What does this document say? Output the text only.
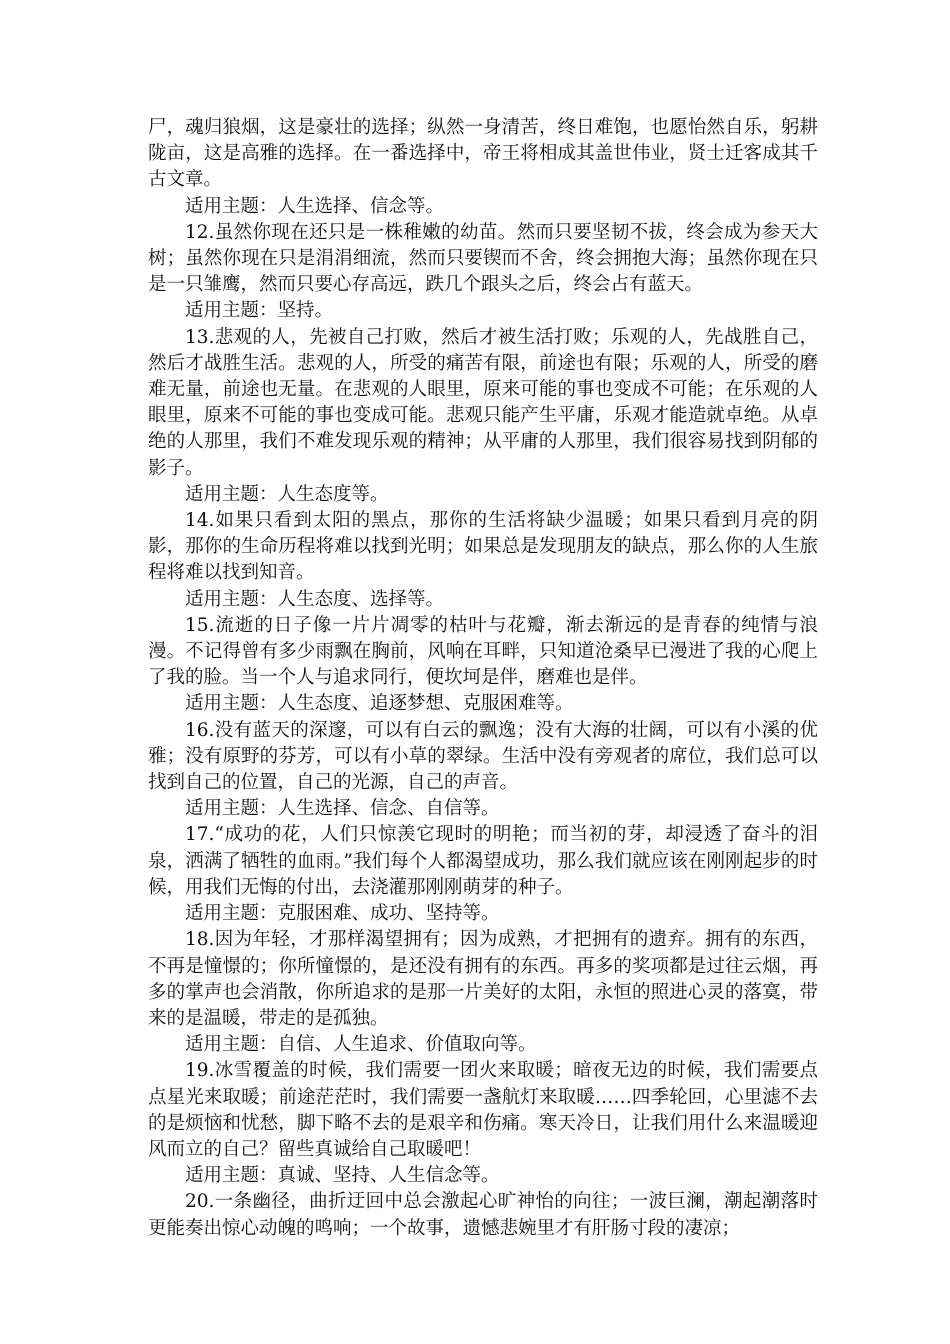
尸，魂归狼烟，这是豪壮的选择；纵然一身清苦，终日难饱，也愿怡然自乐，躬耕陇亩，这是高雅的选择。在一番选择中，帝王将相成其盖世伟业，贤士迁客成其千古文章。

适用主题：人生选择、信念等。

12.虽然你现在还只是一株稚嫩的幼苗。然而只要坚韧不拔，终会成为参天大树；虽然你现在只是涓涓细流，然而只要锲而不舍，终会拥抱大海；虽然你现在只是一只雏鹰，然而只要心存高远，跌几个跟头之后，终会占有蓝天。

适用主题：坚持。

13.悲观的人，先被自己打败，然后才被生活打败；乐观的人，先战胜自己，然后才战胜生活。悲观的人，所受的痛苦有限，前途也有限；乐观的人，所受的磨难无量，前途也无量。在悲观的人眼里，原来可能的事也变成不可能；在乐观的人眼里，原来不可能的事也变成可能。悲观只能产生平庸，乐观才能造就卓绝。从卓绝的人那里，我们不难发现乐观的精神；从平庸的人那里，我们很容易找到阴郁的影子。

适用主题：人生态度等。

14.如果只看到太阳的黑点，那你的生活将缺少温暖；如果只看到月亮的阴影，那你的生命历程将难以找到光明；如果总是发现朋友的缺点，那么你的人生旅程将难以找到知音。

适用主题：人生态度、选择等。

15.流逝的日子像一片片凋零的枯叶与花瓣，渐去渐远的是青春的纯情与浪漫。不记得曾有多少雨飘在胸前，风响在耳畔，只知道沧桑早已漫进了我的心爬上了我的脸。当一个人与追求同行，便坎坷是伴，磨难也是伴。

适用主题：人生态度、追逐梦想、克服困难等。

16.没有蓝天的深邃，可以有白云的飘逸；没有大海的壮阔，可以有小溪的优雅；没有原野的芬芳，可以有小草的翠绿。生活中没有旁观者的席位，我们总可以找到自己的位置，自己的光源，自己的声音。

适用主题：人生选择、信念、自信等。

17.“成功的花，人们只惊羡它现时的明艳；而当初的芽，却浸透了奋斗的泪泉，洒满了牺牲的血雨。”我们每个人都渴望成功，那么我们就应该在刚刚起步的时候，用我们无悔的付出，去浇灌那刚刚萌芽的种子。

适用主题：克服困难、成功、坚持等。

18.因为年轻，才那样渴望拥有；因为成熟，才把拥有的遗弃。拥有的东西，不再是憧憬的；你所憧憬的，是还没有拥有的东西。再多的奖项都是过往云烟，再多的掌声也会消散，你所追求的是那一片美好的太阳，永恒的照进心灵的落寞，带来的是温暖，带走的是孤独。

适用主题：自信、人生追求、价值取向等。

19.冰雪覆盖的时候，我们需要一团火来取暖；暗夜无边的时候，我们需要点点星光来取暖；前途茫茫时，我们需要一盏航灯来取暖……四季轮回，心里滤不去的是烦恼和忧愁，脚下略不去的是艰辛和伤痛。寒天冷日，让我们用什么来温暖迎风而立的自己？留些真诚给自己取暖吧！

适用主题：真诚、坚持、人生信念等。

20.一条幽径，曲折迂回中总会激起心旷神怡的向往；一波巨澜，潮起潮落时更能奏出惊心动魄的鸣响；一个故事，遗憾悲婉里才有肝肠寸段的凄凉；
